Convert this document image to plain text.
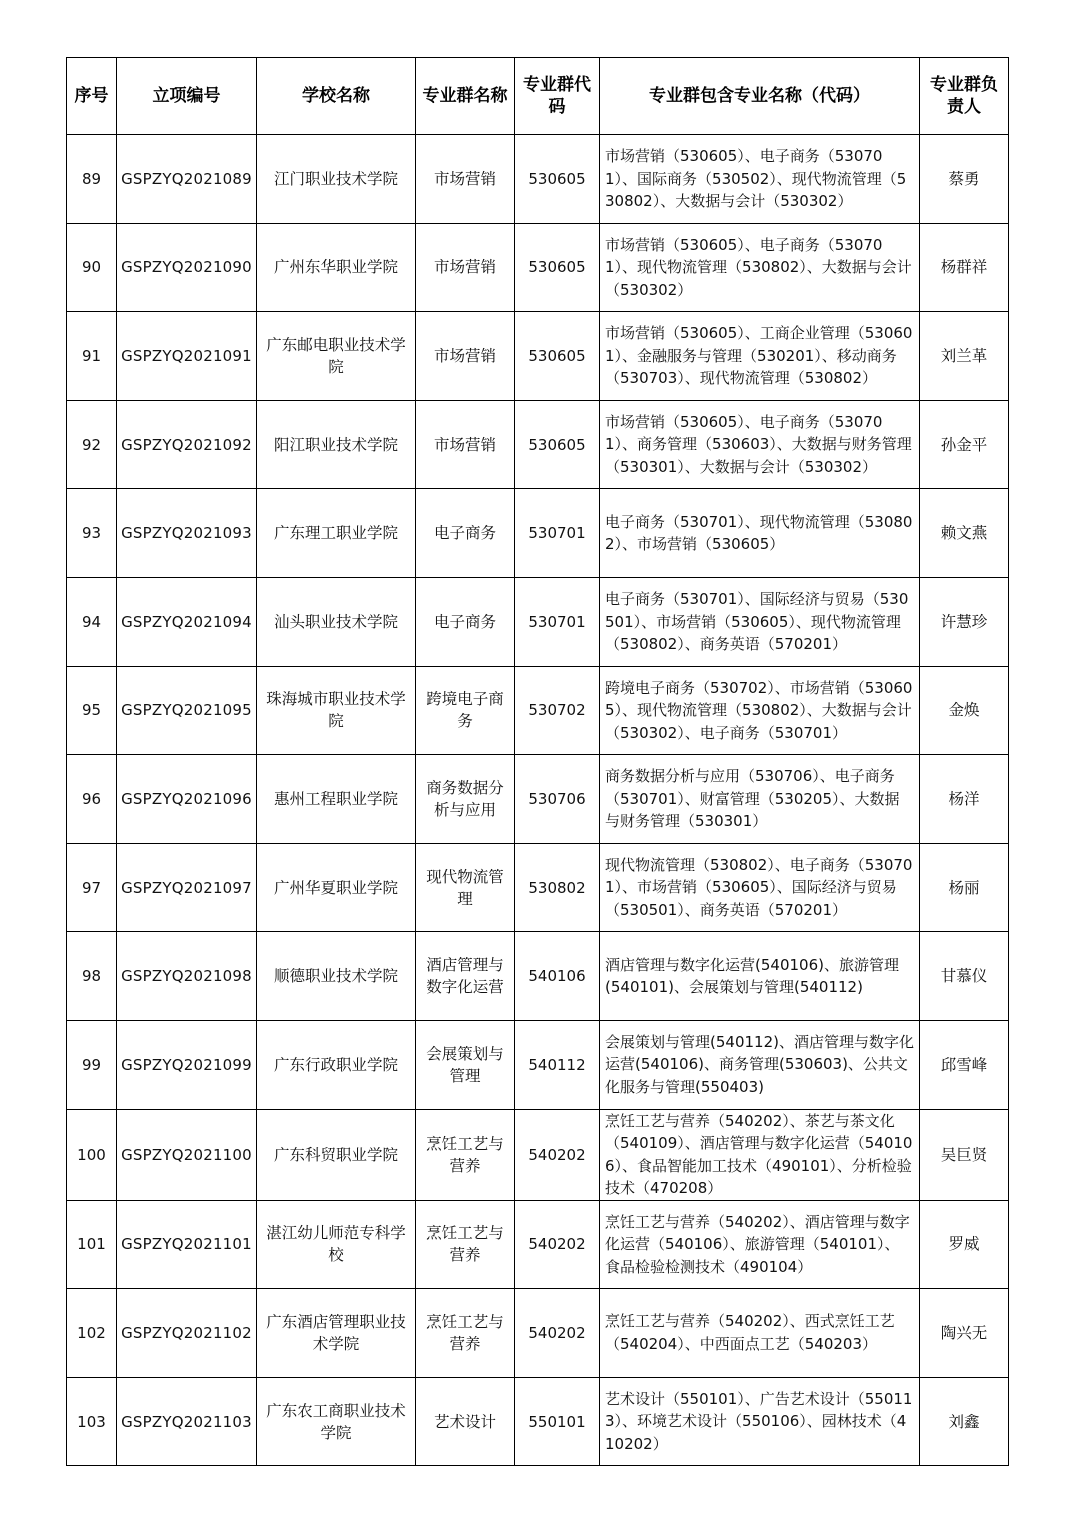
序号	立项编号	学校名称	专业群名称	专业群代码	专业群包含专业名称（代码）	专业群负责人
89	GSPZYQ2021089	江门职业技术学院	市场营销	530605	市场营销（530605）、电子商务（530701）、国际商务（530502）、现代物流管理（530802）、大数据与会计（530302）	蔡勇
90	GSPZYQ2021090	广州东华职业学院	市场营销	530605	市场营销（530605）、电子商务（530701）、现代物流管理（530802）、大数据与会计（530302）	杨群祥
91	GSPZYQ2021091	广东邮电职业技术学院	市场营销	530605	市场营销（530605）、工商企业管理（530601）、金融服务与管理（530201）、移动商务（530703）、现代物流管理（530802）	刘兰革
92	GSPZYQ2021092	阳江职业技术学院	市场营销	530605	市场营销（530605）、电子商务（530701）、商务管理（530603）、大数据与财务管理（530301）、大数据与会计（530302）	孙金平
93	GSPZYQ2021093	广东理工职业学院	电子商务	530701	电子商务（530701）、现代物流管理（530802）、市场营销（530605）	赖文燕
94	GSPZYQ2021094	汕头职业技术学院	电子商务	530701	电子商务（530701）、国际经济与贸易（530501）、市场营销（530605）、现代物流管理（530802）、商务英语（570201）	许慧珍
95	GSPZYQ2021095	珠海城市职业技术学院	跨境电子商务	530702	跨境电子商务（530702）、市场营销（530605）、现代物流管理（530802）、大数据与会计（530302）、电子商务（530701）	金焕
96	GSPZYQ2021096	惠州工程职业学院	商务数据分析与应用	530706	商务数据分析与应用（530706）、电子商务（530701）、财富管理（530205）、大数据与财务管理（530301）	杨洋
97	GSPZYQ2021097	广州华夏职业学院	现代物流管理	530802	现代物流管理（530802）、电子商务（530701）、市场营销（530605）、国际经济与贸易（530501）、商务英语（570201）	杨丽
98	GSPZYQ2021098	顺德职业技术学院	酒店管理与数字化运营	540106	酒店管理与数字化运营(540106)、旅游管理(540101)、会展策划与管理(540112)	甘慕仪
99	GSPZYQ2021099	广东行政职业学院	会展策划与管理	540112	会展策划与管理(540112)、酒店管理与数字化运营(540106)、商务管理(530603)、公共文化服务与管理(550403)	邱雪峰
100	GSPZYQ2021100	广东科贸职业学院	烹饪工艺与营养	540202	烹饪工艺与营养（540202）、茶艺与茶文化（540109）、酒店管理与数字化运营（540106）、食品智能加工技术（490101）、分析检验技术（470208）	吴巨贤
101	GSPZYQ2021101	湛江幼儿师范专科学校	烹饪工艺与营养	540202	烹饪工艺与营养（540202）、酒店管理与数字化运营（540106）、旅游管理（540101）、食品检验检测技术（490104）	罗威
102	GSPZYQ2021102	广东酒店管理职业技术学院	烹饪工艺与营养	540202	烹饪工艺与营养（540202）、西式烹饪工艺（540204）、中西面点工艺（540203）	陶兴无
103	GSPZYQ2021103	广东农工商职业技术学院	艺术设计	550101	艺术设计（550101）、广告艺术设计（550113）、环境艺术设计（550106）、园林技术（410202）	刘鑫
